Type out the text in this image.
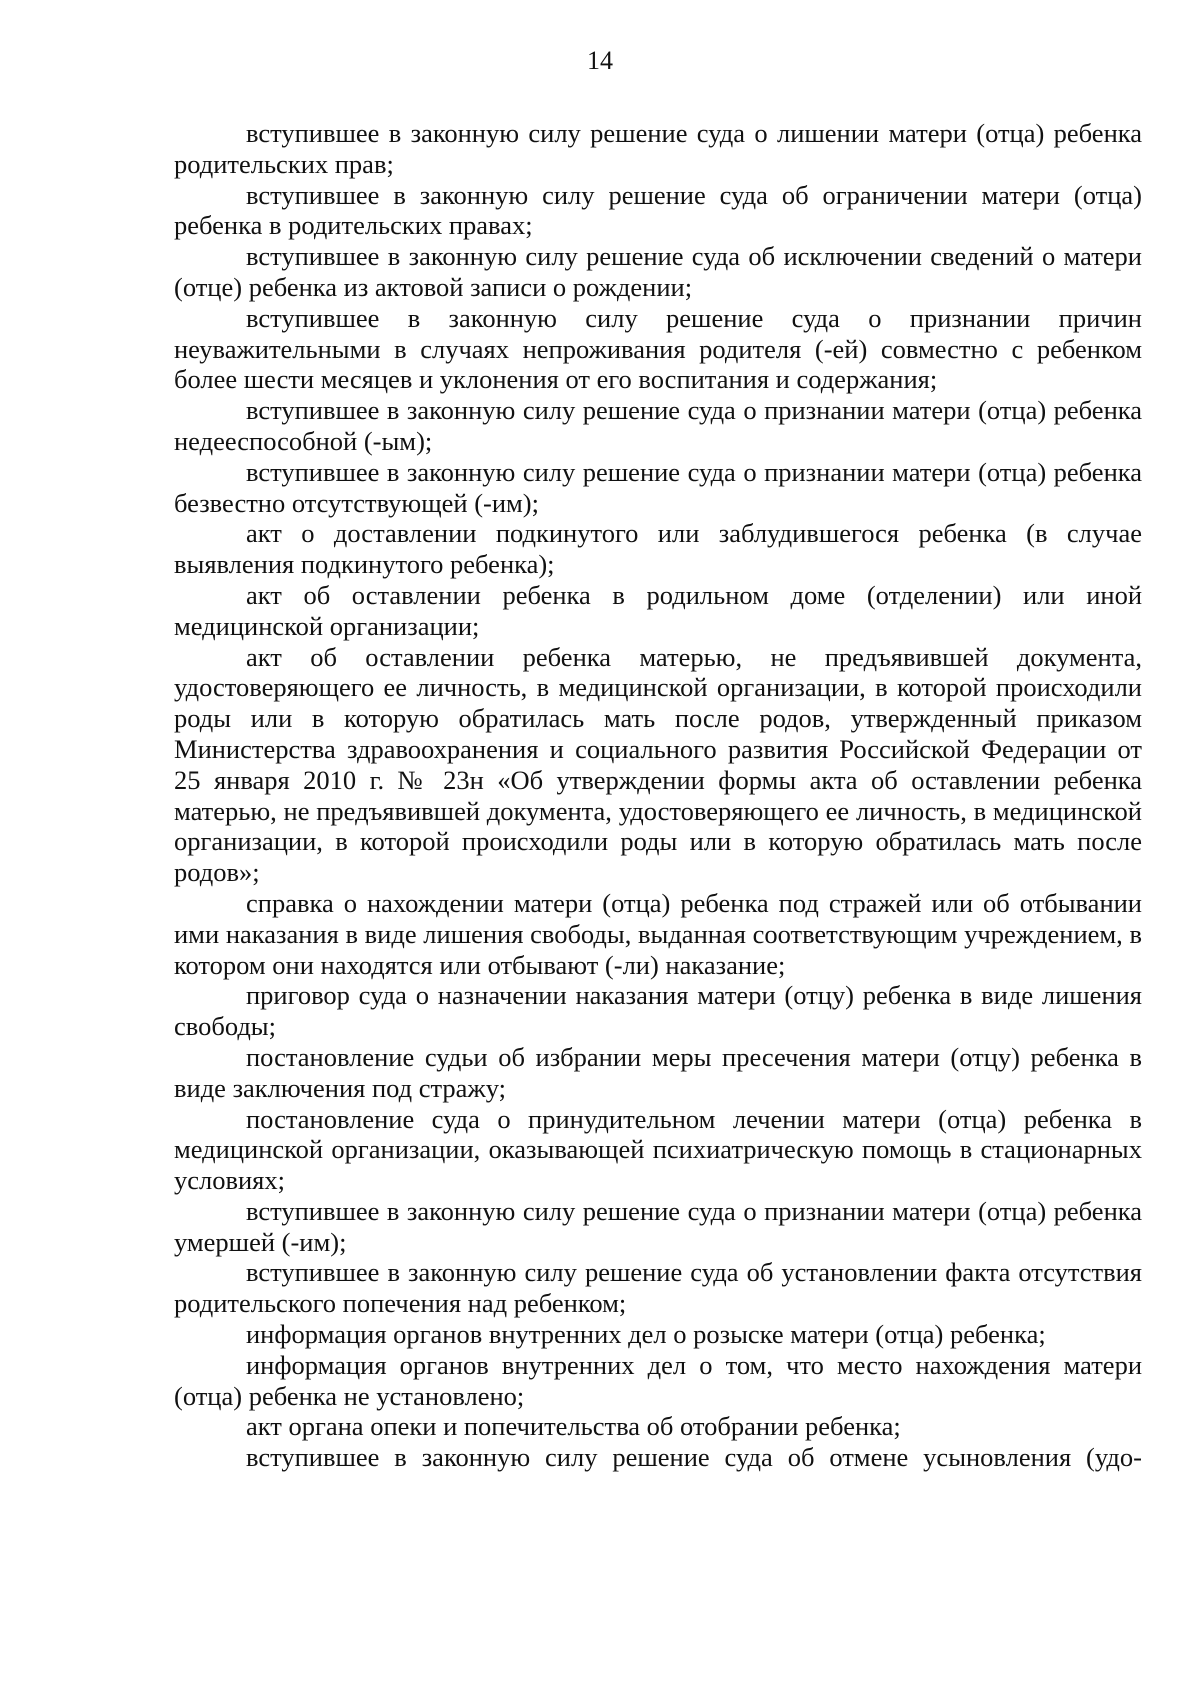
14

вступившее в законную силу решение суда о лишении матери (отца) ребенка родительских прав;

вступившее в законную силу решение суда об ограничении матери (отца) ребенка в родительских правах;

вступившее в законную силу решение суда об исключении сведений о матери (отце) ребенка из актовой записи о рождении;

вступившее в законную силу решение суда о признании причин неуважительными в случаях непроживания родителя (-ей) совместно с ребенком более шести месяцев и уклонения от его воспитания и содержания;

вступившее в законную силу решение суда о признании матери (отца) ребенка недееспособной (-ым);

вступившее в законную силу решение суда о признании матери (отца) ребенка безвестно отсутствующей (-им);

акт о доставлении подкинутого или заблудившегося ребенка (в случае выявления подкинутого ребенка);

акт об оставлении ребенка в родильном доме (отделении) или иной медицинской организации;

акт об оставлении ребенка матерью, не предъявившей документа, удостоверяющего ее личность, в медицинской организации, в которой происходили роды или в которую обратилась мать после родов, утвержденный приказом Министерства здравоохранения и социального развития Российской Федерации от 25 января 2010 г. № 23н «Об утверждении формы акта об оставлении ребенка матерью, не предъявившей документа, удостоверяющего ее личность, в медицинской организации, в которой происходили роды или в которую обратилась мать после родов»;

справка о нахождении матери (отца) ребенка под стражей или об отбывании ими наказания в виде лишения свободы, выданная соответствующим учреждением, в котором они находятся или отбывают (-ли) наказание;

приговор суда о назначении наказания матери (отцу) ребенка в виде лишения свободы;

постановление судьи об избрании меры пресечения матери (отцу) ребенка в виде заключения под стражу;

постановление суда о принудительном лечении матери (отца) ребенка в медицинской организации, оказывающей психиатрическую помощь в стационарных условиях;

вступившее в законную силу решение суда о признании матери (отца) ребенка умершей (-им);

вступившее в законную силу решение суда об установлении факта отсутствия родительского попечения над ребенком;

информация органов внутренних дел о розыске матери (отца) ребенка;

информация органов внутренних дел о том, что место нахождения матери (отца) ребенка не установлено;

акт органа опеки и попечительства об отобрании ребенка;

вступившее в законную силу решение суда об отмене усыновления (удо-
